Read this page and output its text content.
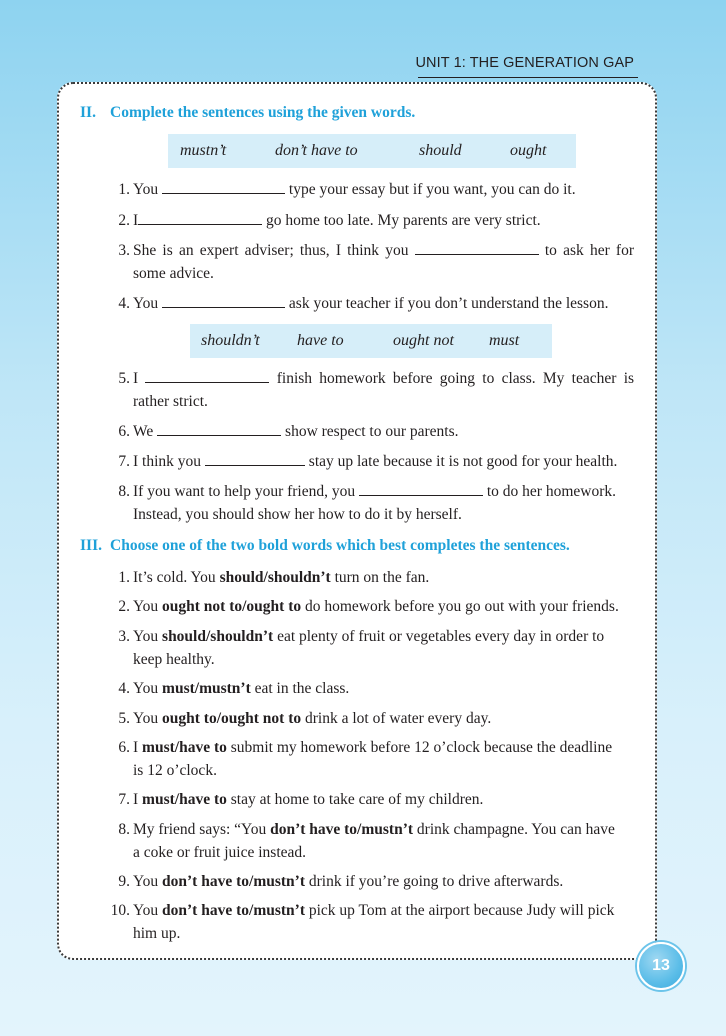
UNIT 1: THE GENERATION GAP
II. Complete the sentences using the given words.
mustn’t	don’t have to	should	ought
1. You	type your essay but if you want, you can do it.
2. I	go home too late. My parents are very strict.
3. She is an expert adviser; thus, I think you	to ask her for
some advice.
4. You	ask your teacher if you don’t understand the lesson.
shouldn’t have to	ought not must
5. I	finish homework before going to class. My teacher is
rather strict.
6. We	show respect to our parents.
7. I think you	stay up late because it is not good for your health.
8. If you want to help your friend, you	to do her homework.
Instead, you should show her how to do it by herself.
III. Choose one of the two bold words which best completes the sentences.
1. It’s cold. You should/shouldn’t turn on the fan.
2. You ought not to/ought to do homework before you go out with your friends.
3. You should/shouldn’t eat plenty of fruit or vegetables every day in order to
keep healthy.
4. You must/mustn’t eat in the class.
5. You ought to/ought not to drink a lot of water every day.
6. I must/have to submit my homework before 12 o’clock because the deadline
is 12 o’clock.
7. I must/have to stay at home to take care of my children.
8. My friend says: “You don’t have to/mustn’t drink champagne. You can have
a coke or fruit juice instead.
9. You don’t have to/mustn’t drink if you’re going to drive afterwards.
10. You don’t have to/mustn’t pick up Tom at the airport because Judy will pick
him up.
13
